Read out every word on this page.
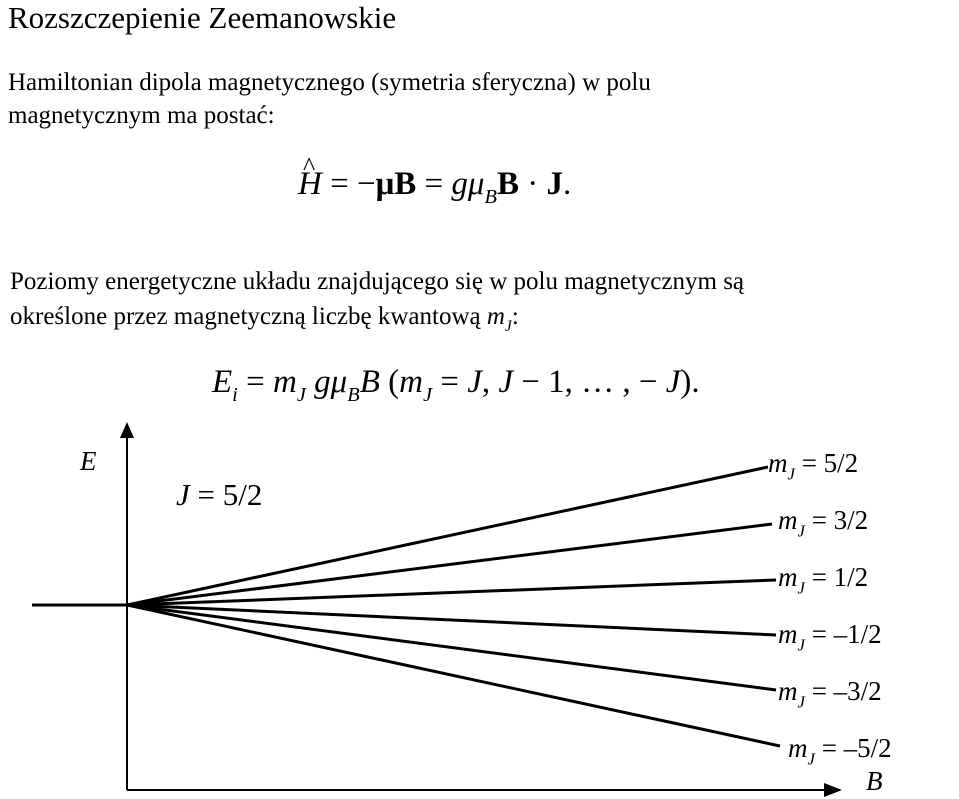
Rozszczepienie Zeemanowskie
Hamiltonian dipola magnetycznego (symetria sferyczna) w polu
magnetycznym ma postać:
^ $H = -\mu B = g\mu_BB \cdot J$.
Poziomy energetyczne układu znajdującego się w polu magnetycznym są
określone przez magnetyczną liczbę kwantową $m_J$:
$E_i = m_J$ $g\mu_BB$ ($m_J = J$, J − 1, … , − J).
E
B
J = 5/2
$m_J = 5/2$
$m_J = 3/2$
$m_J = 1/2$
$m_J = -1/2$
$m_J = -3/2$
$m_J = -5/2$
